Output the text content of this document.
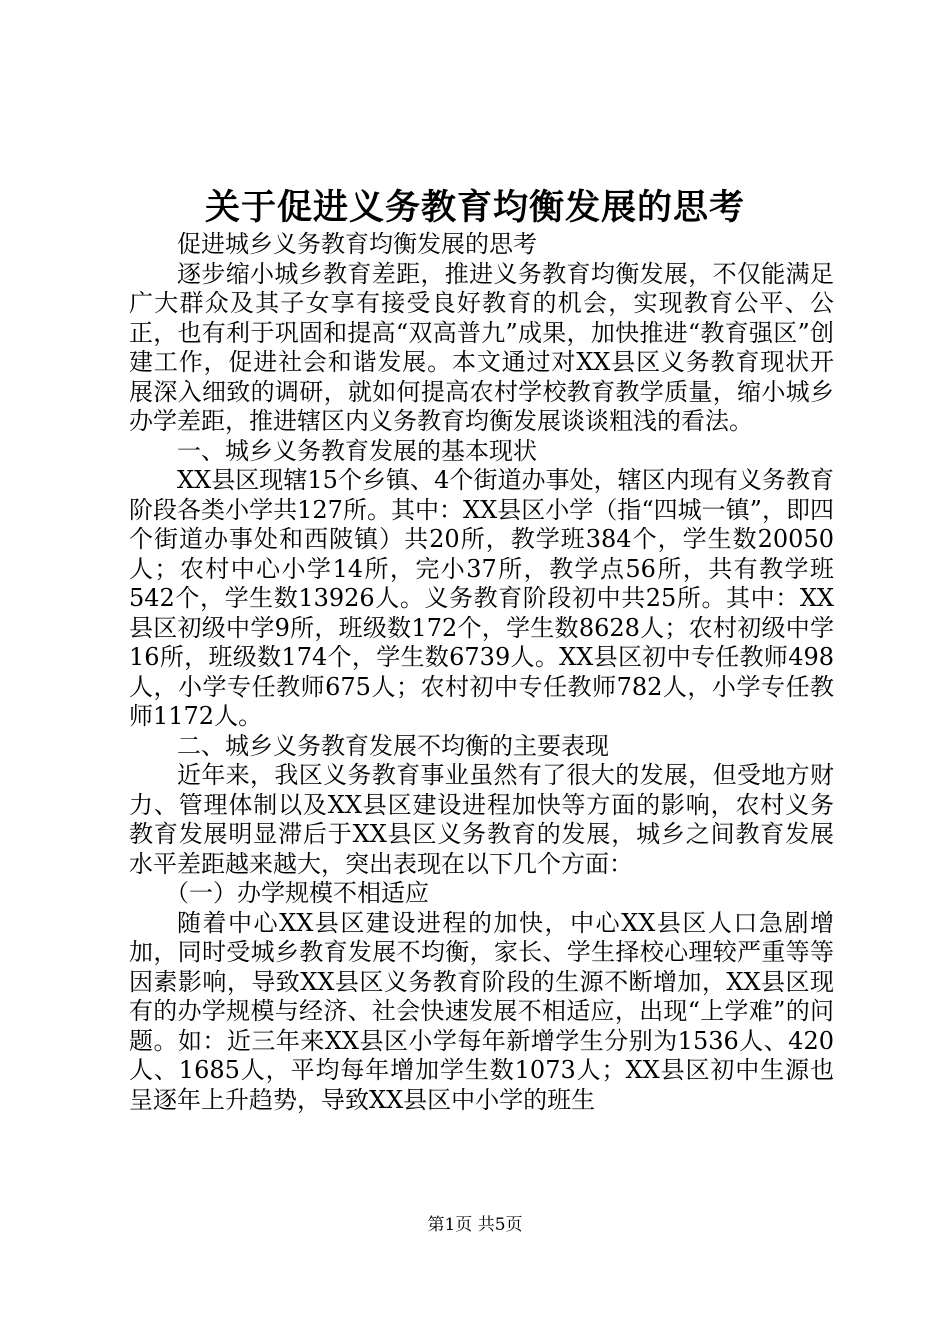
关于促进义务教育均衡发展的思考

促进城乡义务教育均衡发展的思考

逐步缩小城乡教育差距，推进义务教育均衡发展，不仅能满足广大群众及其子女享有接受良好教育的机会，实现教育公平、公正，也有利于巩固和提高“双高普九”成果，加快推进“教育强区”创建工作，促进社会和谐发展。本文通过对XX县区义务教育现状开展深入细致的调研，就如何提高农村学校教育教学质量，缩小城乡办学差距，推进辖区内义务教育均衡发展谈谈粗浅的看法。

一、城乡义务教育发展的基本现状

XX县区现辖15个乡镇、4个街道办事处，辖区内现有义务教育阶段各类小学共127所。其中：XX县区小学（指“四城一镇”，即四个街道办事处和西陂镇）共20所，教学班384个，学生数20050人；农村中心小学14所，完小37所，教学点56所，共有教学班542个，学生数13926人。义务教育阶段初中共25所。其中：XX县区初级中学9所，班级数172个，学生数8628人；农村初级中学16所，班级数174个，学生数6739人。XX县区初中专任教师498人，小学专任教师675人；农村初中专任教师782人，小学专任教师1172人。

二、城乡义务教育发展不均衡的主要表现

近年来，我区义务教育事业虽然有了很大的发展，但受地方财力、管理体制以及XX县区建设进程加快等方面的影响，农村义务教育发展明显滞后于XX县区义务教育的发展，城乡之间教育发展水平差距越来越大，突出表现在以下几个方面：

（一）办学规模不相适应

随着中心XX县区建设进程的加快，中心XX县区人口急剧增加，同时受城乡教育发展不均衡，家长、学生择校心理较严重等等因素影响，导致XX县区义务教育阶段的生源不断增加，XX县区现有的办学规模与经济、社会快速发展不相适应，出现“上学难”的问题。如：近三年来XX县区小学每年新增学生分别为1536人、420人、1685人，平均每年增加学生数1073人；XX县区初中生源也呈逐年上升趋势，导致XX县区中小学的班生

第1页 共5页
